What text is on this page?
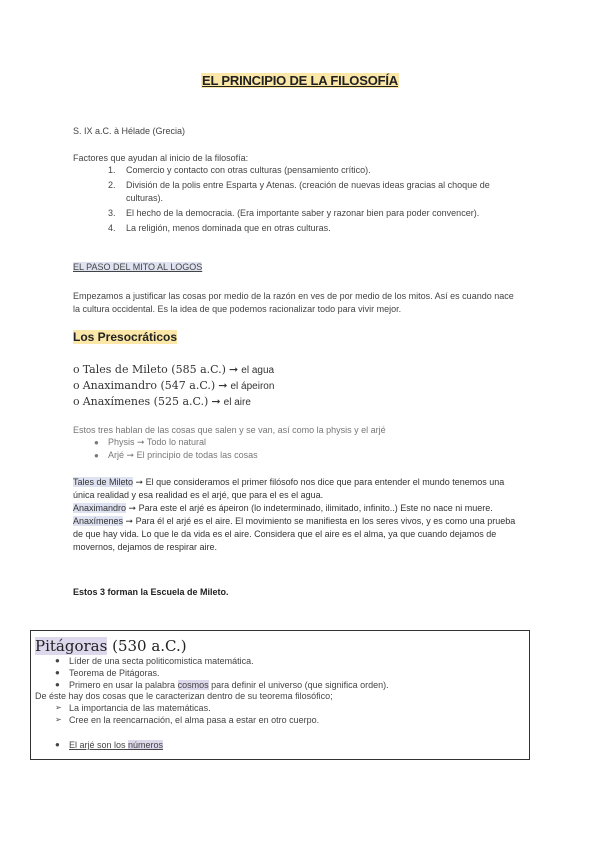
EL PRINCIPIO DE LA FILOSOFÍA
S. IX a.C. à Hélade (Grecia)
Factores que ayudan al inicio de la filosofía:
1. Comercio y contacto con otras culturas (pensamiento crítico).
2. División de la polis entre Esparta y Atenas. (creación de nuevas ideas gracias al choque de culturas).
3. El hecho de la democracia. (Era importante saber y razonar bien para poder convencer).
4. La religión, menos dominada que en otras culturas.
EL PASO DEL MITO AL LOGOS
Empezamos a justificar las cosas por medio de la razón en ves de por medio de los mitos. Así es cuando nace la cultura occidental. Es la idea de que podemos racionalizar todo para vivir mejor.
Los Presocráticos
o Tales de Mileto (585 a.C.) ➞ el agua
o Anaximandro (547 a.C.) ➞ el ápeiron
o Anaxímenes (525 a.C.) ➞ el aire
Estos tres hablan de las cosas que salen y se van, así como la physis y el arjé
● Physis ➞ Todo lo natural
● Arjé ➞ El principio de todas las cosas
Tales de Mileto ➞ El que consideramos el primer filósofo nos dice que para entender el mundo tenemos una única realidad y esa realidad es el arjé, que para el es el agua.
Anaximandro ➞ Para este el arjé es ápeiron (lo indeterminado, ilimitado, infinito..) Este no nace ni muere.
Anaxímenes ➞ Para él el arjé es el aire. El movimiento se manifiesta en los seres vivos, y es como una prueba de que hay vida. Lo que le da vida es el aire. Considera que el aire es el alma, ya que cuando dejamos de movernos, dejamos de respirar aire.
Estos 3 forman la Escuela de Mileto.
Pitágoras (530 a.C.)
● Líder de una secta politicomistica matemática.
● Teorema de Pitágoras.
● Primero en usar la palabra cosmos para definir el universo (que significa orden).
De éste hay dos cosas que le caracterizan dentro de su teorema filosófico;
➢ La importancia de las matemáticas.
➢ Cree en la reencarnación, el alma pasa a estar en otro cuerpo.
● El arjé son los números
